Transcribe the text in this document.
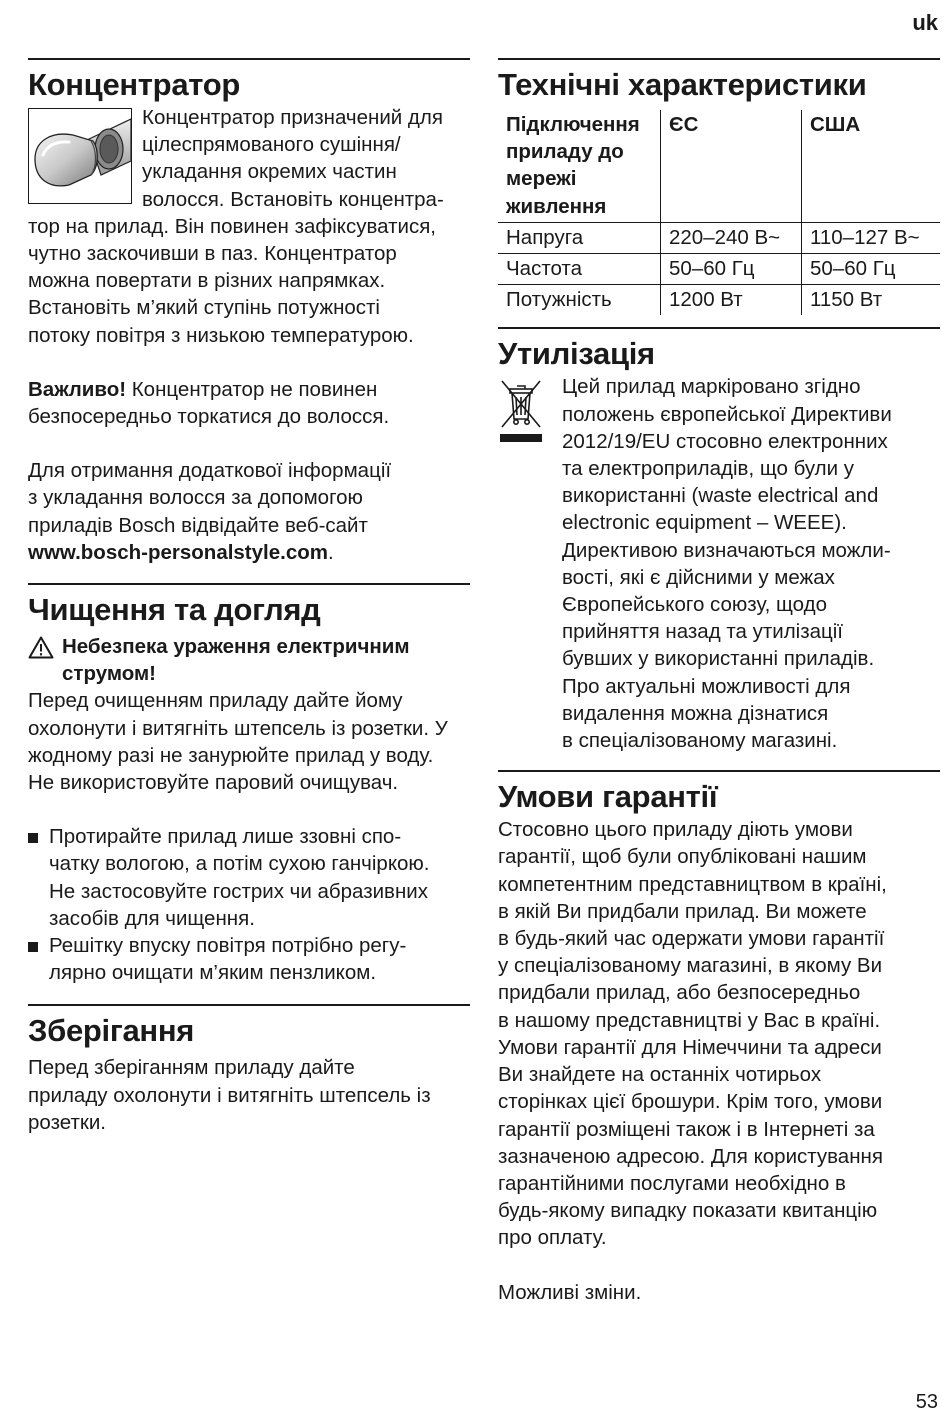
uk
Концентратор

Концентратор призначений для

цілеспрямованого сушіння/

укладання окремих частин

волосся. Встановіть концентра-

тор на прилад. Він повинен зафіксуватися,

чутно заскочивши в паз. Концентратор

можна повертати в різних напрямках.

Встановіть м’який ступінь потужності

потоку повітря з низькою температурою.

Важливо! Концентратор не повинен

безпосередньо торкатися до волосся.

Для отримання додаткової інформації

з укладання волосся за допомогою

приладів Bosch відвідайте веб-сайт

www.bosch-personalstyle.com.

Чищення та догляд
Небезпека ураження електричним
струмом!

Перед очищенням приладу дайте йому

охолонути і витягніть штепсель із розетки. У

жодному разі не занурюйте прилад у воду.

Не використовуйте паровий очищувач.

Протирайте прилад лише ззовні спо-
чатку вологою, а потім сухою ганчіркою.
Не застосовуйте гострих чи абразивних
засобів для чищення.
Решітку впуску повітря потрібно регу-
лярно очищати м’яким пензликом.
Зберігання

Перед зберіганням приладу дайте

приладу охолонути і витягніть штепсель із

розетки.

Технічні характеристики
Підключення приладу до мережі живлення	ЄС	США
Напруга	220–240 В~	110–127 В~
Частота	50–60 Гц	50–60 Гц
Потужність	1200 Вт	1150 Вт
Утилізація

Цей прилад маркіровано згідно

положень європейської Директиви

2012/19/EU стосовно електронних

та електроприладів, що були у

використанні (waste electrical and

electronic equipment – WEEE).

Директивою визначаються можли-

вості, які є дійсними у межах

Європейського союзу, щодо

прийняття назад та утилізації

бувших у використанні приладів.

Про актуальні можливості для

видалення можна дізнатися

в спеціалізованому магазині.

Умови гарантії

Стосовно цього приладу діють умови

гарантії, щоб були опубліковані нашим

компетентним представництвом в країні,

в якій Ви придбали прилад. Ви можете

в будь-який час одержати умови гарантії

у спеціалізованому магазині, в якому Ви

придбали прилад, або безпосередньо

в нашому представництві у Вас в країні.

Умови гарантії для Німеччини та адреси

Ви знайдете на останніх чотирьох

сторінках цієї брошури. Крім того, умови

гарантії розміщені також і в Інтернеті за

зазначеною адресою. Для користування

гарантійними послугами необхідно в

будь-якому випадку показати квитанцію

про оплату.

Можливі зміни.

53
